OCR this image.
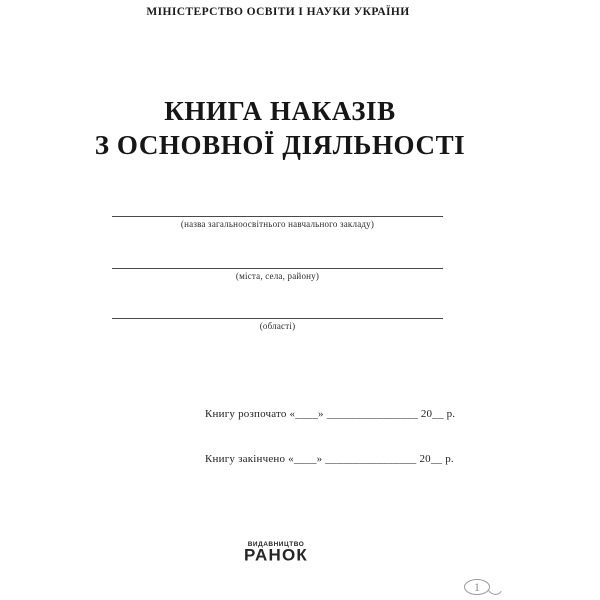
МІНІСТЕРСТВО ОСВІТИ І НАУКИ УКРАЇНИ
КНИГА НАКАЗІВ
З ОСНОВНОЇ ДІЯЛЬНОСТІ
(назва загальноосвітнього навчального закладу)
(міста, села, району)
(області)
Книгу розпочато «____» ________________ 20__ р.
Книгу закінчено «____» ________________ 20__ р.
ВИДАВНИЦТВО
РАНОК
1
